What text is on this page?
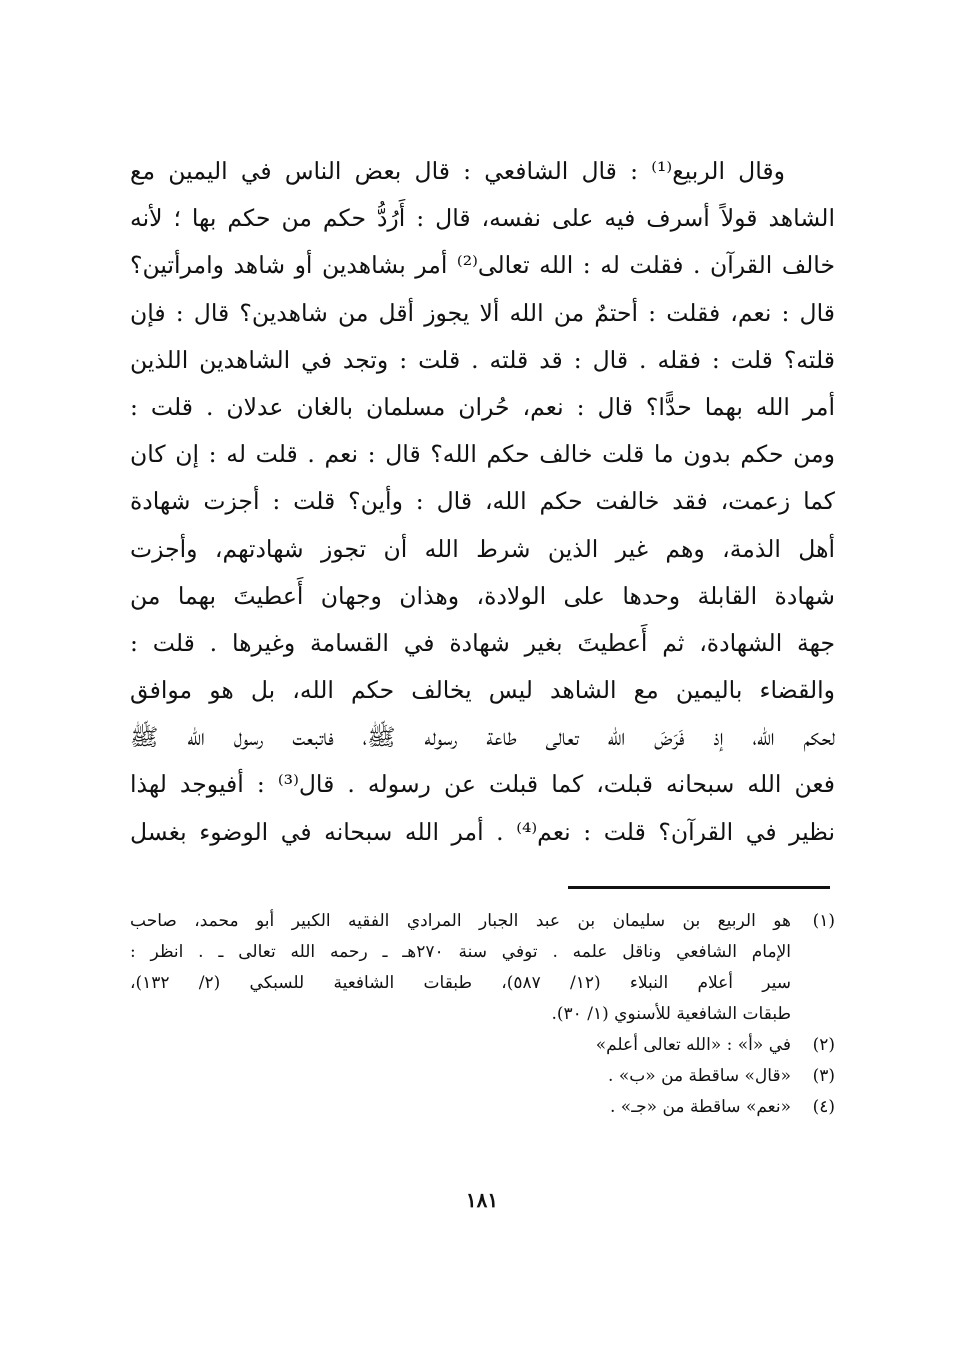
وقال الربيع⁽¹⁾ : قال الشافعي : قال بعض الناس في اليمين مع
الشاهد قولاً أسرف فيه على نفسه، قال : أَرُدُّ حكم من حكم بها ؛ لأنه
خالف القرآن . فقلت له : الله تعالى⁽²⁾ أمر بشاهدين أو شاهد وامرأتين؟
قال : نعم، فقلت : أحتمٌ من الله ألا يجوز أقل من شاهدين؟ قال : فإن
قلته؟ قلت : فقله . قال : قد قلته . قلت : وتجد في الشاهدين اللذين
أمر الله بهما حدًّا؟ قال : نعم، حُران مسلمان بالغان عدلان . قلت :
ومن حكم بدون ما قلت خالف حكم الله؟ قال : نعم . قلت له : إن كان
كما زعمت، فقد خالفت حكم الله، قال : وأين؟ قلت : أجزت شهادة
أهل الذمة، وهم غير الذين شرط الله أن تجوز شهادتهم، وأجزت
شهادة القابلة وحدها على الولادة، وهذان وجهان أَعطيتَ بهما من
جهة الشهادة، ثم أَعطيتَ بغير شهادة في القسامة وغيرها . قلت :
والقضاء باليمين مع الشاهد ليس يخالف حكم الله، بل هو موافق
لحكم الله، إذ فَرَضَ الله تعالى طاعة رسوله ﷺ، فاتبعت رسول الله ﷺ
فعن الله سبحانه قبلت، كما قبلت عن رسوله . قال⁽³⁾ : أفيوجد لهذا
نظير في القرآن؟ قلت : نعم⁽⁴⁾ . أمر الله سبحانه في الوضوء بغسل
(١)
هو الربيع بن سليمان بن عبد الجبار المرادي الفقيه الكبير أبو محمد، صاحب
الإمام الشافعي وناقل علمه . توفي سنة ٢٧٠هـ ـ رحمه الله تعالى ـ . انظر :
سير أعلام النبلاء (١٢/ ٥٨٧)، طبقات الشافعية للسبكي (٢/ ١٣٢)،
طبقات الشافعية للأسنوي (١/ ٣٠).
(٢)
في «أ» : «الله تعالى أعلم»
(٣)
«قال» ساقطة من «ب» .
(٤)
«نعم» ساقطة من «جـ» .
١٨١
